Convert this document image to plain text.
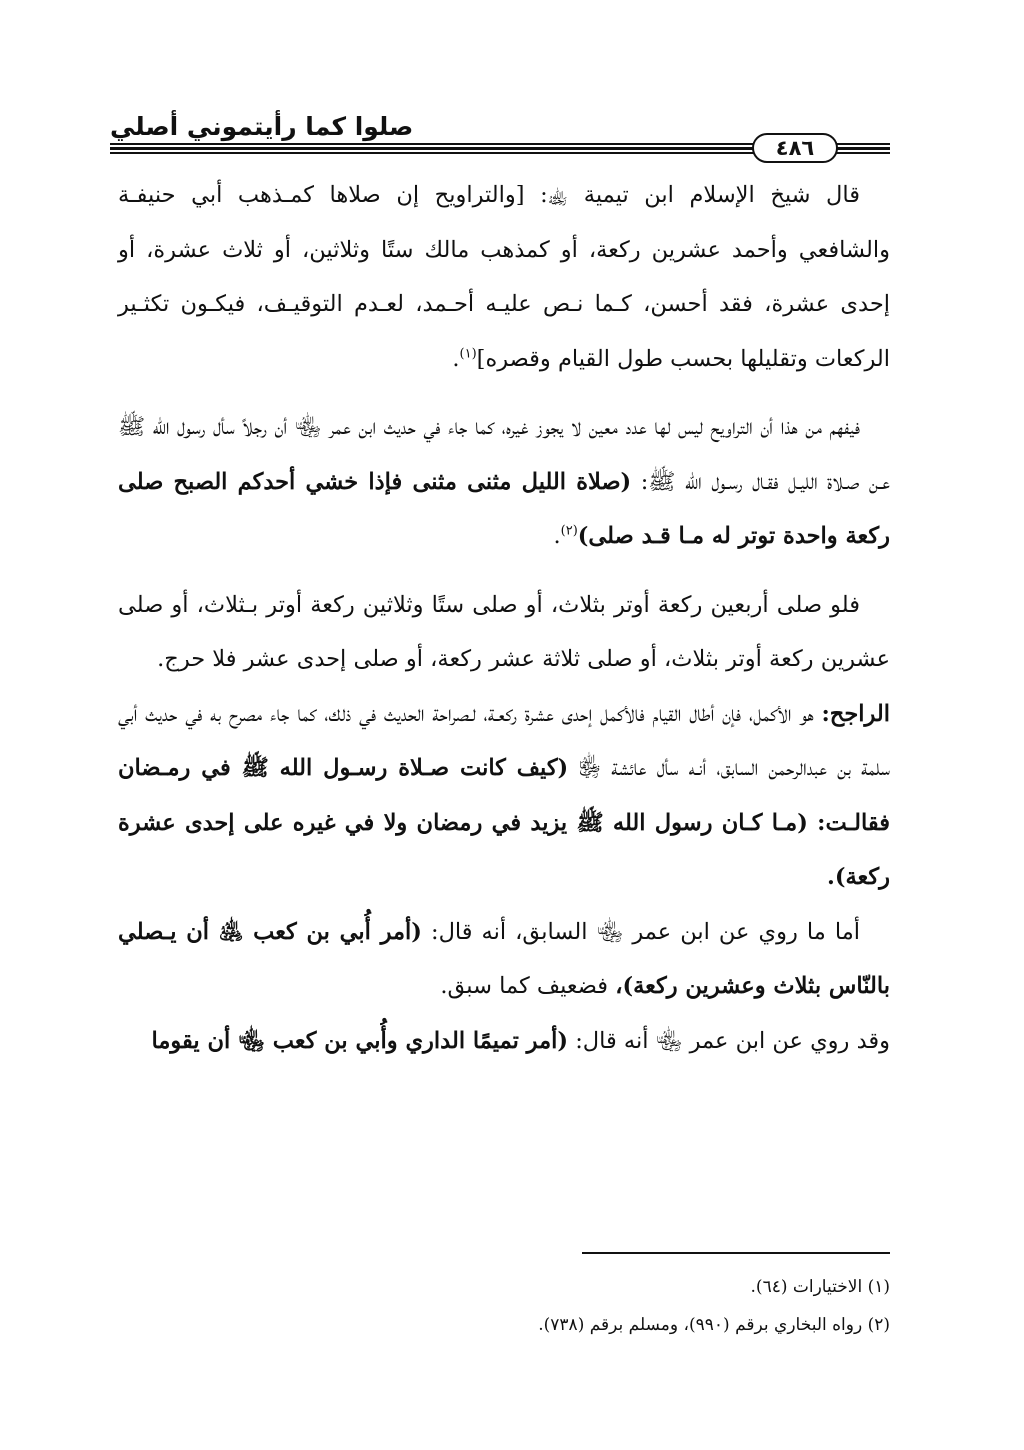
صلوا كما رأيتموني أصلي
٤٨٦

قال شيخ الإسلام ابن تيمية ﵀: [والتراويح إن صلاها كمـذهب أبي حنيفـة والشافعي وأحمد عشرين ركعة، أو كمذهب مالك ستًا وثلاثين، أو ثلاث عشرة، أو إحدى عشرة، فقد أحسن، كـما نـص عليـه أحـمد، لعـدم التوقيـف، فيكـون تكثـير الركعات وتقليلها بحسب طول القيام وقصره]$^{(١)}$.

فيفهم من هذا أن التراويح ليس لها عدد معين لا يجوز غيره، كما جاء في حديث ابن عمر ﵄ أن رجلاً سأل رسول الله ﷺ عـن صـلاة الليـل فقـال رسـول الله ﷺ: (صلاة الليل مثنى مثنى فإذا خشي أحدكم الصبح صلى ركعة واحدة توتر له مـا قـد صلى)$^{(٢)}$.

فلو صلى أربعين ركعة أوتر بثلاث، أو صلى ستًا وثلاثين ركعة أوتر بـثلاث، أو صلى عشرين ركعة أوتر بثلاث، أو صلى ثلاثة عشر ركعة، أو صلى إحدى عشر فلا حرج.

الراجح: هو الأكمل، فإن أطال القيام فالأكمل إحدى عشرة ركعـة، لـصراحة الحديث في ذلك، كما جاء مصرح به في حديث أبي سلمة بن عبدالرحمن السابق، أنـه سأل عائشة ﵂ (كيف كانت صـلاة رسـول الله ﷺ في رمـضان فقالـت: (مـا كـان رسول الله ﷺ يزيد في رمضان ولا في غيره على إحدى عشرة ركعة).

أما ما روي عن ابن عمر ﵄ السابق، أنه قال: (أمر أُبي بن كعب ﵁ أن يـصلي بالنّاس بثلاث وعشرين ركعة)، فضعيف كما سبق.

وقد روي عن ابن عمر ﵄ أنه قال: (أمر تميمًا الداري وأُبي بن كعب ﵄ أن يقوما

(١) الاختيارات (٦٤).

(٢) رواه البخاري برقم (٩٩٠)، ومسلم برقم (٧٣٨).
